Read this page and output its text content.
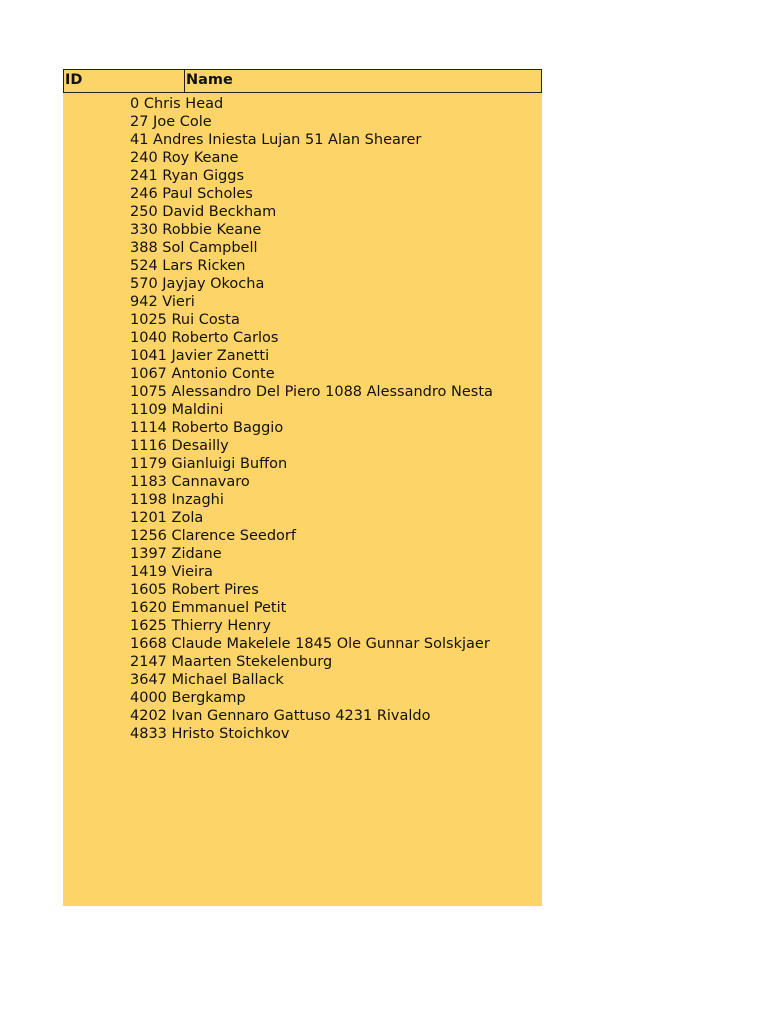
ID	Name
0 Chris Head
27 Joe Cole
41 Andres Iniesta Lujan 51 Alan Shearer
240 Roy Keane
241 Ryan Giggs
246 Paul Scholes
250 David Beckham
330 Robbie Keane
388 Sol Campbell
524 Lars Ricken
570 Jayjay Okocha
942 Vieri
1025 Rui Costa
1040 Roberto Carlos
1041 Javier Zanetti
1067 Antonio Conte
1075 Alessandro Del Piero 1088 Alessandro Nesta
1109 Maldini
1114 Roberto Baggio
1116 Desailly
1179 Gianluigi Buffon
1183 Cannavaro
1198 Inzaghi
1201 Zola
1256 Clarence Seedorf
1397 Zidane
1419 Vieira
1605 Robert Pires
1620 Emmanuel Petit
1625 Thierry Henry
1668 Claude Makelele 1845 Ole Gunnar Solskjaer
2147 Maarten Stekelenburg
3647 Michael Ballack
4000 Bergkamp
4202 Ivan Gennaro Gattuso 4231 Rivaldo
4833 Hristo Stoichkov
